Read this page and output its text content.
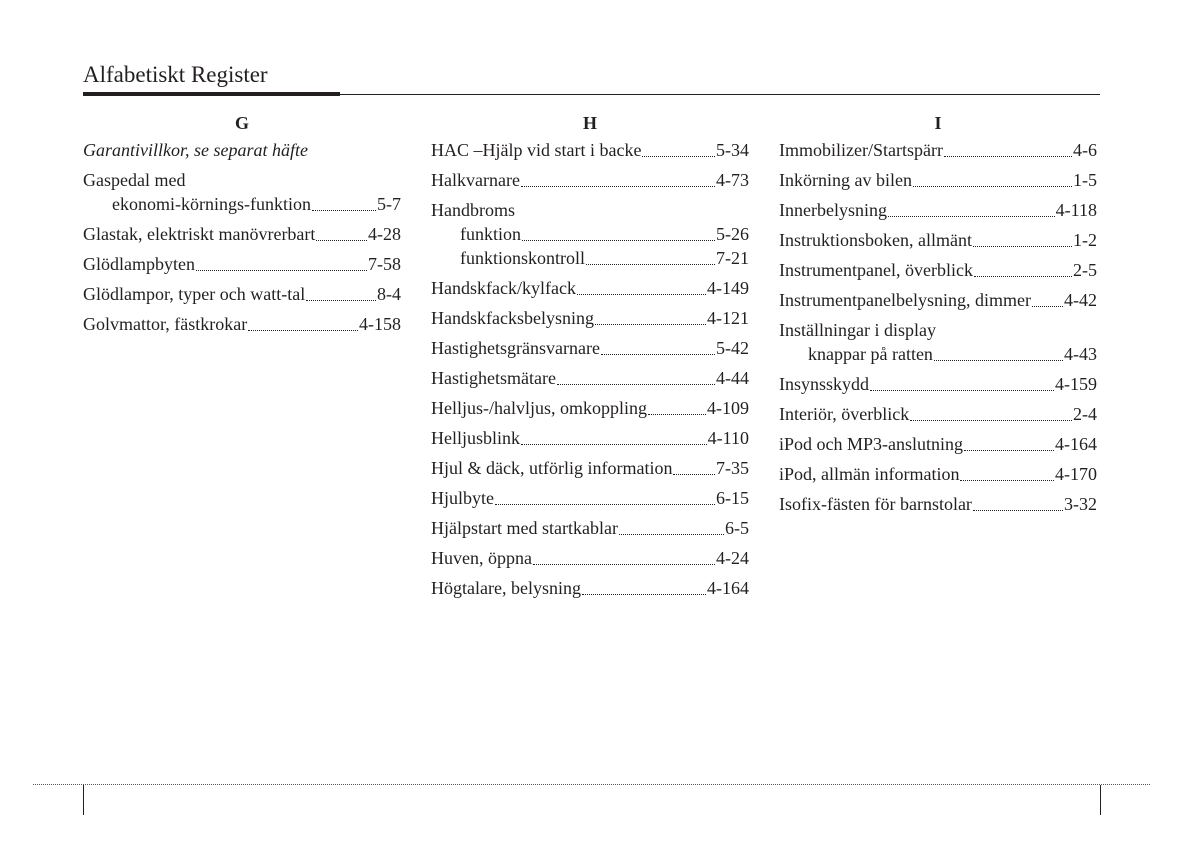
Alfabetiskt Register
G
Garantivillkor, se separat häfte
Gaspedal med
ekonomi-körnings-funktion	5-7
Glastak, elektriskt manövrerbart	4-28
Glödlampbyten	7-58
Glödlampor, typer och watt-tal	8-4
Golvmattor, fästkrokar	4-158
H
HAC –Hjälp vid start i backe	5-34
Halkvarnare	4-73
Handbroms
funktion	5-26
funktionskontroll	7-21
Handskfack/kylfack	4-149
Handskfacksbelysning	4-121
Hastighetsgränsvarnare	5-42
Hastighetsmätare	4-44
Helljus-/halvljus, omkoppling	4-109
Helljusblink	4-110
Hjul & däck, utförlig information 7-35
Hjulbyte	6-15
Hjälpstart med startkablar	6-5
Huven, öppna	4-24
Högtalare, belysning	4-164
I
Immobilizer/Startspärr	4-6
Inkörning av bilen	1-5
Innerbelysning	4-118
Instruktionsboken, allmänt	1-2
Instrumentpanel, överblick	2-5
Instrumentpanelbelysning, dimmer 4-42
Inställningar i display
knappar på ratten	4-43
Insynsskydd	4-159
Interiör, överblick	2-4
iPod och MP3-anslutning	4-164
iPod, allmän information	4-170
Isofix-fästen för barnstolar	3-32
